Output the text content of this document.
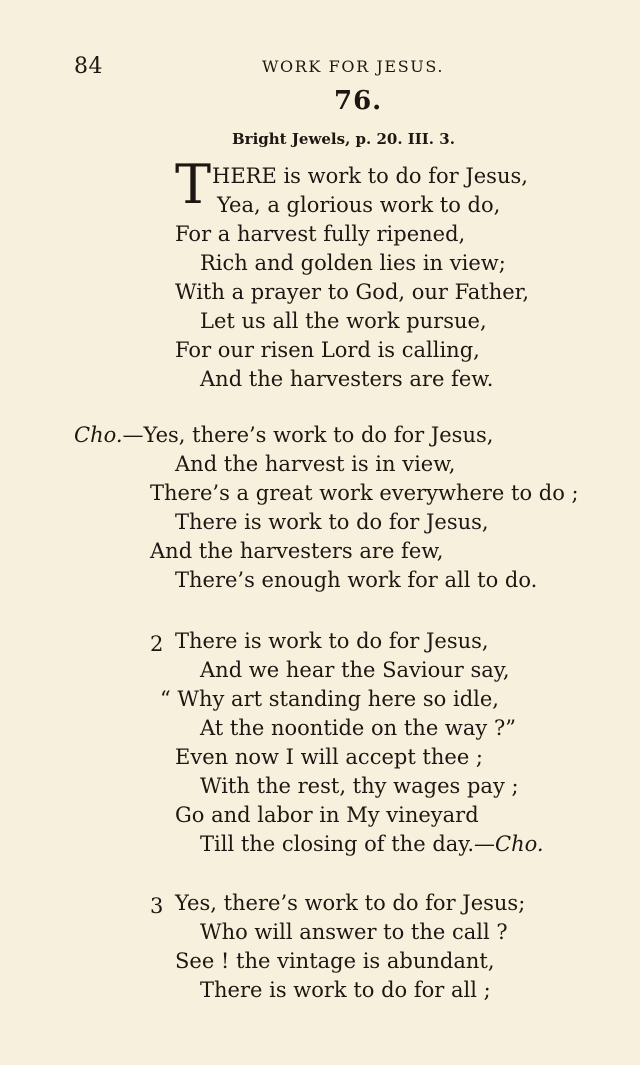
84	WORK FOR JESUS.
76.
Bright Jewels, p. 20. III. 3.
T HERE is work to do for Jesus,
Yea, a glorious work to do,
For a harvest fully ripened,
Rich and golden lies in view;
With a prayer to God, our Father,
Let us all the work pursue,
For our risen Lord is calling,
And the harvesters are few.
Cho.—Yes, there’s work to do for Jesus,
And the harvest is in view,
There’s a great work everywhere to do ;
There is work to do for Jesus,
And the harvesters are few,
There’s enough work for all to do.
2 There is work to do for Jesus,
And we hear the Saviour say,
“ Why art standing here so idle,
At the noontide on the way ?”
Even now I will accept thee ;
With the rest, thy wages pay ;
Go and labor in My vineyard
Till the closing of the day.—Cho.
3 Yes, there’s work to do for Jesus;
Who will answer to the call ?
See ! the vintage is abundant,
There is work to do for all ;
